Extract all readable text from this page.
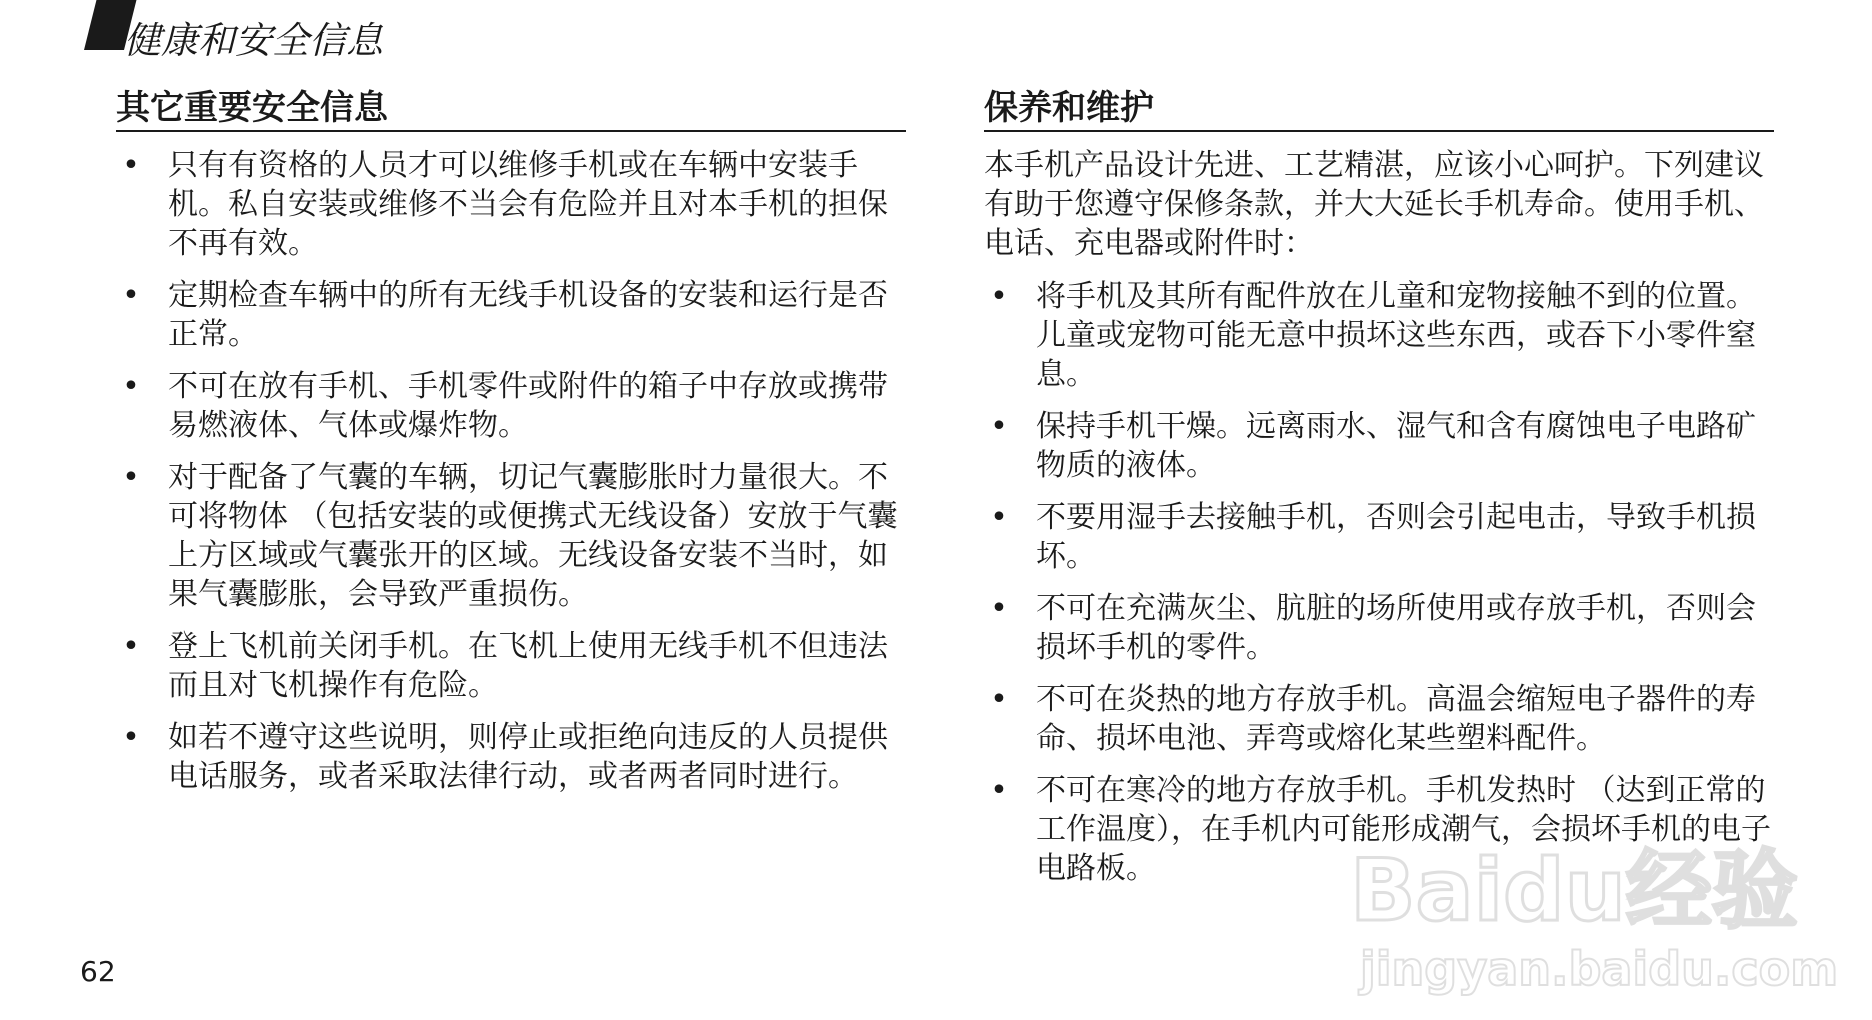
健康和安全信息
其它重要安全信息
• 只有有资格的人员才可以维修手机或在车辆中安装手机。私自安装或维修不当会有危险并且对本手机的担保不再有效。
• 定期检查车辆中的所有无线手机设备的安装和运行是否正常。
• 不可在放有手机、手机零件或附件的箱子中存放或携带易燃液体、气体或爆炸物。
• 对于配备了气囊的车辆，切记气囊膨胀时力量很大。不可将物体 （包括安装的或便携式无线设备）安放于气囊上方区域或气囊张开的区域。无线设备安装不当时，如果气囊膨胀，会导致严重损伤。
• 登上飞机前关闭手机。在飞机上使用无线手机不但违法而且对飞机操作有危险。
• 如若不遵守这些说明，则停止或拒绝向违反的人员提供电话服务，或者采取法律行动，或者两者同时进行。
保养和维护

本手机产品设计先进、工艺精湛，应该小心呵护。下列建议有助于您遵守保修条款，并大大延长手机寿命。使用手机、电话、充电器或附件时：

• 将手机及其所有配件放在儿童和宠物接触不到的位置。儿童或宠物可能无意中损坏这些东西，或吞下小零件窒息。
• 保持手机干燥。远离雨水、湿气和含有腐蚀电子电路矿物质的液体。
• 不要用湿手去接触手机，否则会引起电击，导致手机损坏。
• 不可在充满灰尘、肮脏的场所使用或存放手机，否则会损坏手机的零件。
• 不可在炎热的地方存放手机。高温会缩短电子器件的寿命、损坏电池、弄弯或熔化某些塑料配件。
• 不可在寒冷的地方存放手机。手机发热时 （达到正常的工作温度），在手机内可能形成潮气，会损坏手机的电子电路板。
62
Baidu经验
jingyan.baidu.com
